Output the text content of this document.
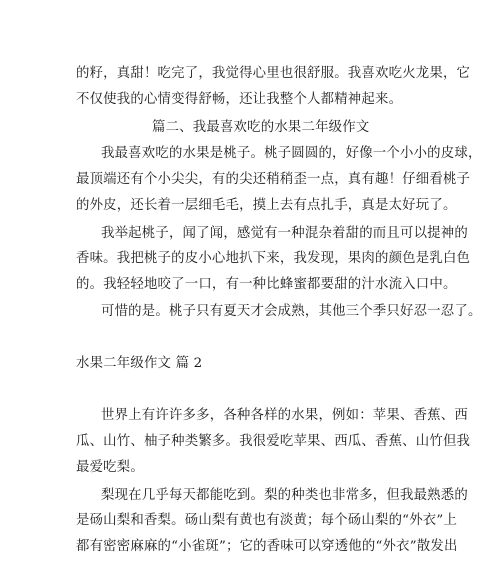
的籽，真甜！吃完了，我觉得心里也很舒服。我喜欢吃火龙果，它
不仅使我的心情变得舒畅，还让我整个人都精神起来。
篇二、我最喜欢吃的水果二年级作文
我最喜欢吃的水果是桃子。桃子圆圆的，好像一个小小的皮球，
最顶端还有个小尖尖，有的尖还稍稍歪一点，真有趣！仔细看桃子
的外皮，还长着一层细毛毛，摸上去有点扎手，真是太好玩了。
我举起桃子，闻了闻，感觉有一种混杂着甜的而且可以提神的
香味。我把桃子的皮小心地扒下来，我发现，果肉的颜色是乳白色
的。我轻轻地咬了一口，有一种比蜂蜜都要甜的汁水流入口中。
可惜的是。桃子只有夏天才会成熟，其他三个季只好忍一忍了。
水果二年级作文 篇 2
世界上有许许多多，各种各样的水果，例如：苹果、香蕉、西
瓜、山竹、柚子种类繁多。我很爱吃苹果、西瓜、香蕉、山竹但我
最爱吃梨。
梨现在几乎每天都能吃到。梨的种类也非常多，但我最熟悉的
是砀山梨和香梨。砀山梨有黄也有淡黄；每个砀山梨的“外衣”上
都有密密麻麻的“小雀斑”；它的香味可以穿透他的“外衣”散发出
